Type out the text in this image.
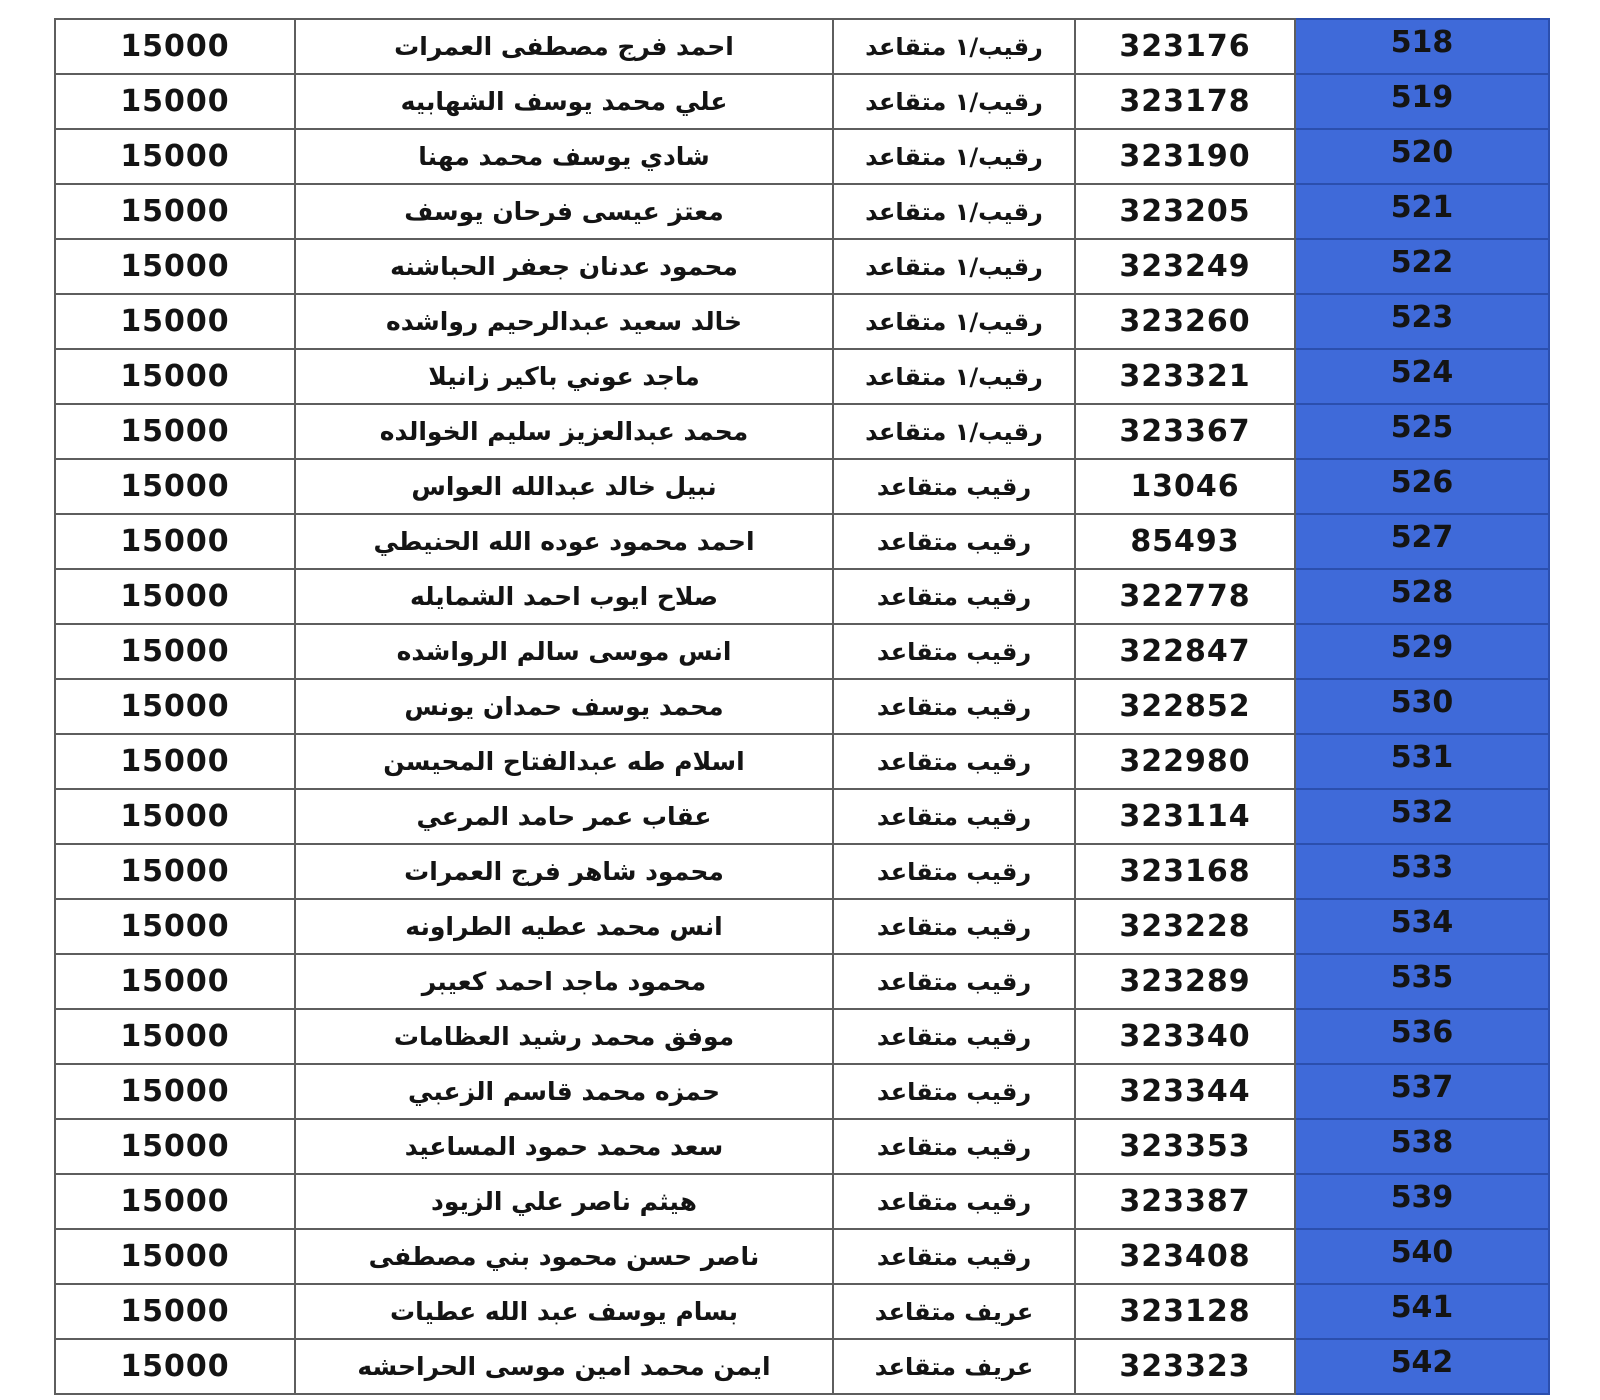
15000	احمد فرج مصطفى العمرات	رقيب/١ متقاعد	323176	518
15000	علي محمد يوسف الشهابيه	رقيب/١ متقاعد	323178	519
15000	شادي يوسف محمد مهنا	رقيب/١ متقاعد	323190	520
15000	معتز عيسى فرحان يوسف	رقيب/١ متقاعد	323205	521
15000	محمود عدنان جعفر الحباشنه	رقيب/١ متقاعد	323249	522
15000	خالد سعيد عبدالرحيم رواشده	رقيب/١ متقاعد	323260	523
15000	ماجد عوني باكير زانيلا	رقيب/١ متقاعد	323321	524
15000	محمد عبدالعزيز سليم الخوالده	رقيب/١ متقاعد	323367	525
15000	نبيل خالد عبدالله العواس	رقيب متقاعد	13046	526
15000	احمد محمود عوده الله الحنيطي	رقيب متقاعد	85493	527
15000	صلاح ايوب احمد الشمايله	رقيب متقاعد	322778	528
15000	انس موسى سالم الرواشده	رقيب متقاعد	322847	529
15000	محمد يوسف حمدان يونس	رقيب متقاعد	322852	530
15000	اسلام طه عبدالفتاح المحيسن	رقيب متقاعد	322980	531
15000	عقاب عمر حامد المرعي	رقيب متقاعد	323114	532
15000	محمود شاهر فرج العمرات	رقيب متقاعد	323168	533
15000	انس محمد عطيه الطراونه	رقيب متقاعد	323228	534
15000	محمود ماجد احمد كعيبر	رقيب متقاعد	323289	535
15000	موفق محمد رشيد العظامات	رقيب متقاعد	323340	536
15000	حمزه محمد قاسم الزعبي	رقيب متقاعد	323344	537
15000	سعد محمد حمود المساعيد	رقيب متقاعد	323353	538
15000	هيثم ناصر علي الزيود	رقيب متقاعد	323387	539
15000	ناصر حسن محمود بني مصطفى	رقيب متقاعد	323408	540
15000	بسام يوسف عبد الله عطيات	عريف متقاعد	323128	541
15000	ايمن محمد امين موسى الحراحشه	عريف متقاعد	323323	542
